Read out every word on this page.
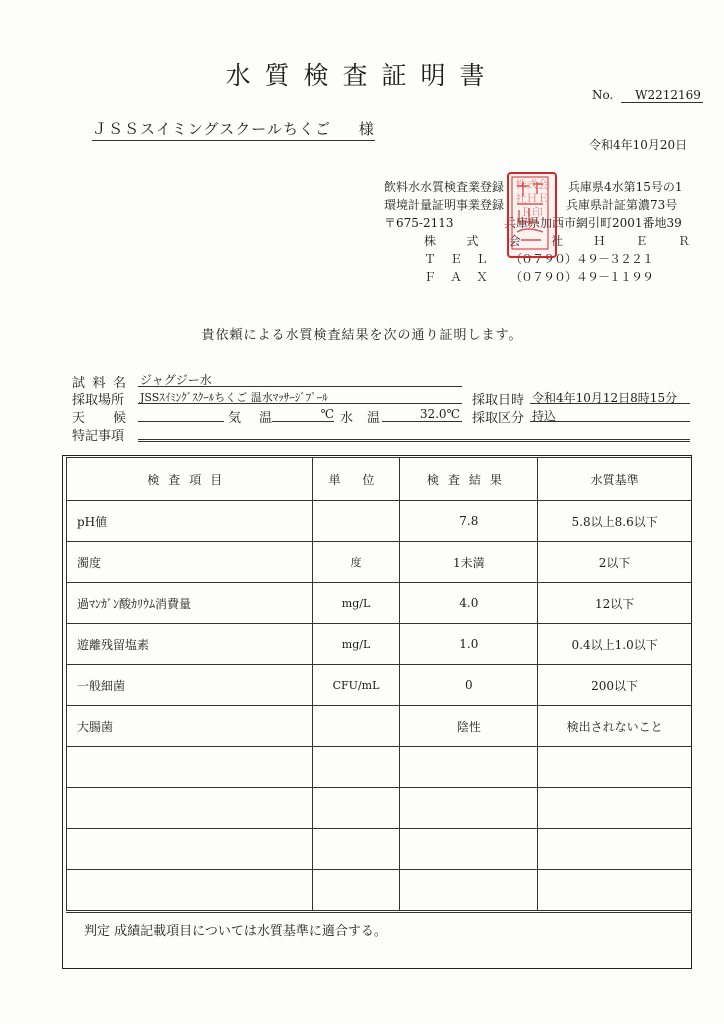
水質検査証明書
No. W2212169
ＪＳＳスイミングスクールちくご 様
令和4年10月20日
飲料水水質検査業登録	兵庫県4水第15号の1
環境計量証明事業登録	兵庫県計証第濃73号
〒675-2113	兵庫県加西市網引町2001番地39
株	式	会	社	Ｈ	Ｅ	Ｒ
Ｔ Ｅ Ｌ （０７９０）４９－３２２１
Ｆ Ａ Ｘ （０７９０）４９－１１９９
株式会社ＨＥＲ印
貴依頼による水質検査結果を次の通り証明します。
試 料 名 ジャグジー水
採取場所 JSSｽｲﾐﾝｸﾞｽｸｰﾙちくご 温水ﾏｯｻｰｼﾞﾌﾟｰﾙ	採取日時 令和4年10月12日8時15分
天 候	気 温	℃ 水 温	32.0℃ 採取区分 持込
特記事項
検査項目	単 位	検査結果	水質基準
pH値		7.8	5.8以上8.6以下
濁度	度	1未満	2以下
過ﾏﾝｶﾞﾝ酸ｶﾘｳﾑ消費量	mg/L	4.0	12以下
遊離残留塩素	mg/L	1.0	0.4以上1.0以下
一般細菌	CFU/mL	0	200以下
大腸菌		陰性	検出されないこと

判定 成績記載項目については水質基準に適合する。
